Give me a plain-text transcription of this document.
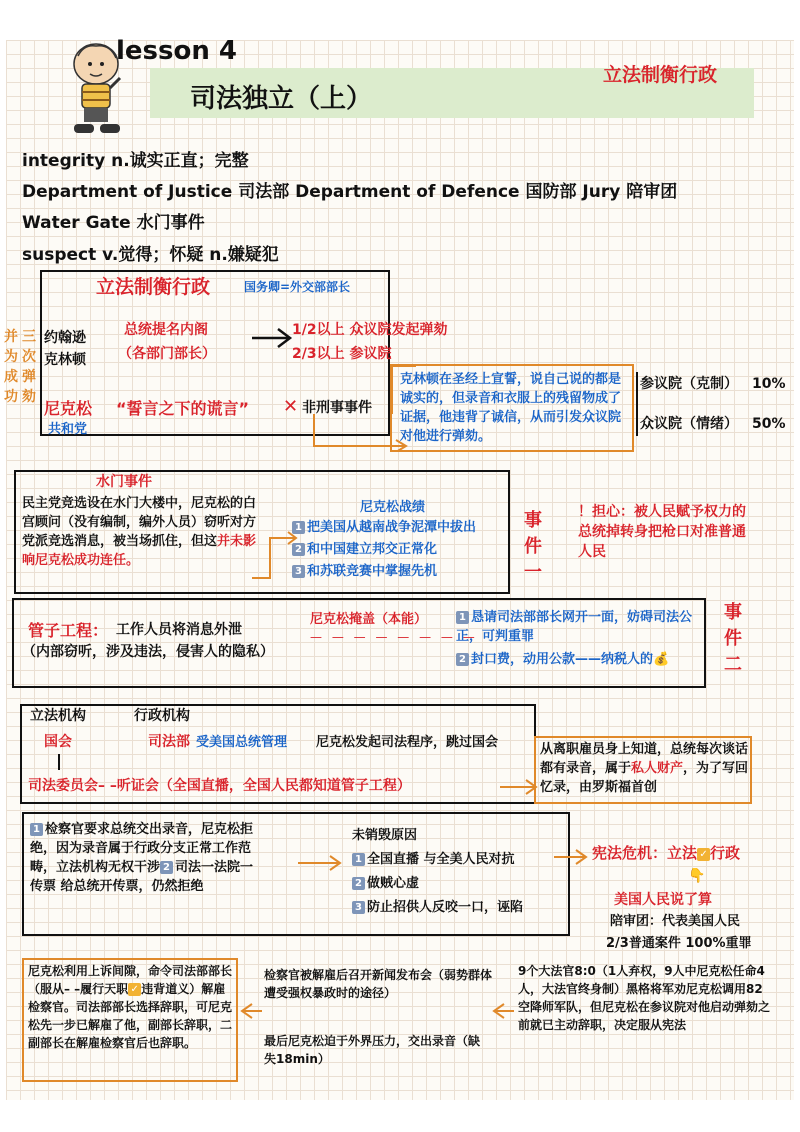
lesson 4
司法独立（上）
立法制衡行政
integrity n.诚实正直；完整
Department of Justice 司法部 Department of Defence 国防部 Jury 陪审团
Water Gate 水门事件
suspect v.觉得；怀疑 n.嫌疑犯
立法制衡行政	国务卿=外交部部长
三次弹劾
并为成功
约翰逊
克林顿
总统提名内阁
（各部门部长）
1/2以上 众议院发起弹劾
2/3以上 参议院
尼克松 “誓言之下的谎言”
共和党
✕ 非刑事事件
克林顿在圣经上宣誓，说自己说的都是诚实的，但录音和衣服上的残留物成了证据，他违背了诚信，从而引发众议院对他进行弹劾。
参议院（克制） 10%
众议院（情绪） 50%
水门事件
民主党竞选设在水门大楼中，尼克松的白宫顾问（没有编制，编外人员）窃听对方党派竞选消息，被当场抓住，但这并未影响尼克松成功连任。
尼克松战绩
1 把美国从越南战争泥潭中拔出
2 和中国建立邦交正常化
3 和苏联竞赛中掌握先机
事件一
！担心：被人民赋予权力的总统掉转身把枪口对准普通人民
管子工程： 工作人员将消息外泄
（内部窃听，涉及违法，侵害人的隐私）
尼克松掩盖（本能）
— — — — — — — —
1 恳请司法部部长网开一面，妨碍司法公正，可判重罪
2 封口费，动用公款——纳税人的💰
事件二
立法机构	行政机构
国会	司法部 受美国总统管理 尼克松发起司法程序，跳过国会
司法委员会– –听证会（全国直播，全国人民都知道管子工程）
从离职雇员身上知道，总统每次谈话都有录音，属于私人财产，为了写回忆录，由罗斯福首创
1 检察官要求总统交出录音，尼克松拒绝，因为录音属于行政分支正常工作范畴，立法机构无权干涉 2 司法一法院一传票 给总统开传票，仍然拒绝
未销毁原因
1 全国直播 与全美人民对抗
2 做贼心虚
3 防止招供人反咬一口，诬陷
宪法危机：立法 ✓ 行政
👇
美国人民说了算
陪审团：代表美国人民
2/3普通案件 100%重罪
尼克松利用上诉间隙，命令司法部部长（服从– –履行天职 ✓ 违背道义）解雇检察官。司法部部长选择辞职，可尼克松先一步已解雇了他，副部长辞职，二副部长在解雇检察官后也辞职。
检察官被解雇后召开新闻发布会（弱势群体遭受强权暴政时的途径）
最后尼克松迫于外界压力，交出录音（缺失18min）
9个大法官8:0（1人弃权，9人中尼克松任命4人，大法官终身制）黑格将军劝尼克松调用82空降师军队，但尼克松在参议院对他启动弹劾之前就已主动辞职，决定服从宪法
